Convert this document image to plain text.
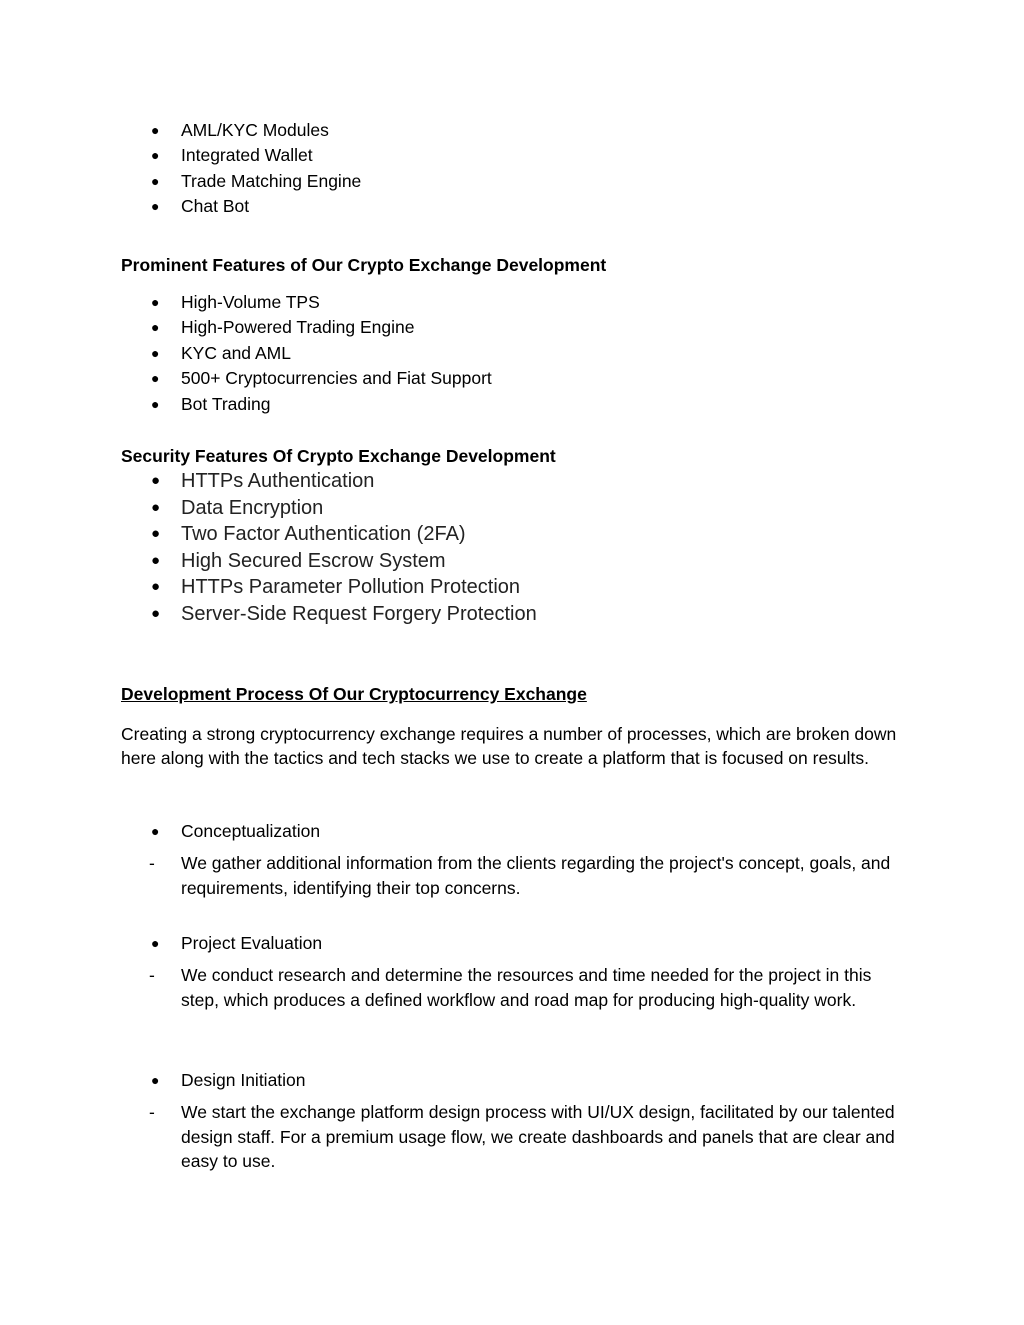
● AML/KYC Modules
● Integrated Wallet
● Trade Matching Engine
● Chat Bot
Prominent Features of Our Crypto Exchange Development
● High-Volume TPS
● High-Powered Trading Engine
● KYC and AML
● 500+ Cryptocurrencies and Fiat Support
● Bot Trading
Security Features Of Crypto Exchange Development
● HTTPs Authentication
● Data Encryption
● Two Factor Authentication (2FA)
● High Secured Escrow System
● HTTPs Parameter Pollution Protection
● Server-Side Request Forgery Protection
Development Process Of Our Cryptocurrency Exchange
Creating a strong cryptocurrency exchange requires a number of processes, which are broken down here along with the tactics and tech stacks we use to create a platform that is focused on results.
● Conceptualization
- We gather additional information from the clients regarding the project's concept, goals, and requirements, identifying their top concerns.
● Project Evaluation
- We conduct research and determine the resources and time needed for the project in this step, which produces a defined workflow and road map for producing high-quality work.
● Design Initiation
- We start the exchange platform design process with UI/UX design, facilitated by our talented design staff. For a premium usage flow, we create dashboards and panels that are clear and easy to use.
